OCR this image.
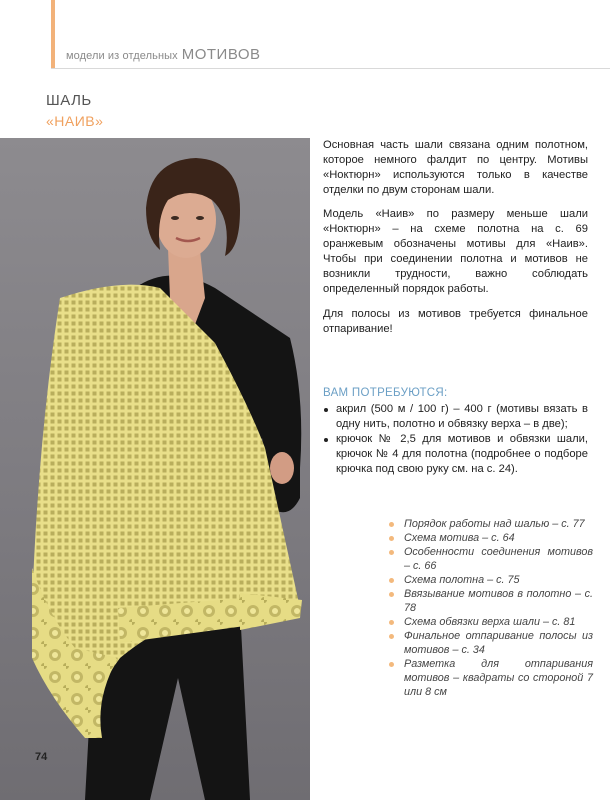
модели из отдельных МОТИВОВ
ШАЛЬ
«НАИВ»
74
Основная часть шали связана одним полотном, которое немного фалдит по центру. Мотивы «Ноктюрн» используются только в качестве отделки по двум сторонам шали.
Модель «Наив» по размеру меньше шали «Ноктюрн» – на схеме полотна на с. 69 оранжевым обозначены мотивы для «Наив». Чтобы при соединении полотна и мотивов не возникли трудности, важно соблюдать определенный порядок работы.
Для полосы из мотивов требуется финальное отпаривание!
ВАМ ПОТРЕБУЮТСЯ:
акрил (500 м / 100 г) – 400 г (мотивы вязать в одну нить, полотно и обвязку верха – в две);
крючок № 2,5 для мотивов и обвязки шали, крючок № 4 для полотна (подробнее о подборе крючка под свою руку см. на с. 24).
Порядок работы над шалью – с. 77
Схема мотива – с. 64
Особенности соединения мотивов – с. 66
Схема полотна – с. 75
Ввязывание мотивов в полотно – с. 78
Схема обвязки верха шали – с. 81
Финальное отпаривание полосы из мотивов – с. 34
Разметка для отпаривания мотивов – квадраты со стороной 7 или 8 см
